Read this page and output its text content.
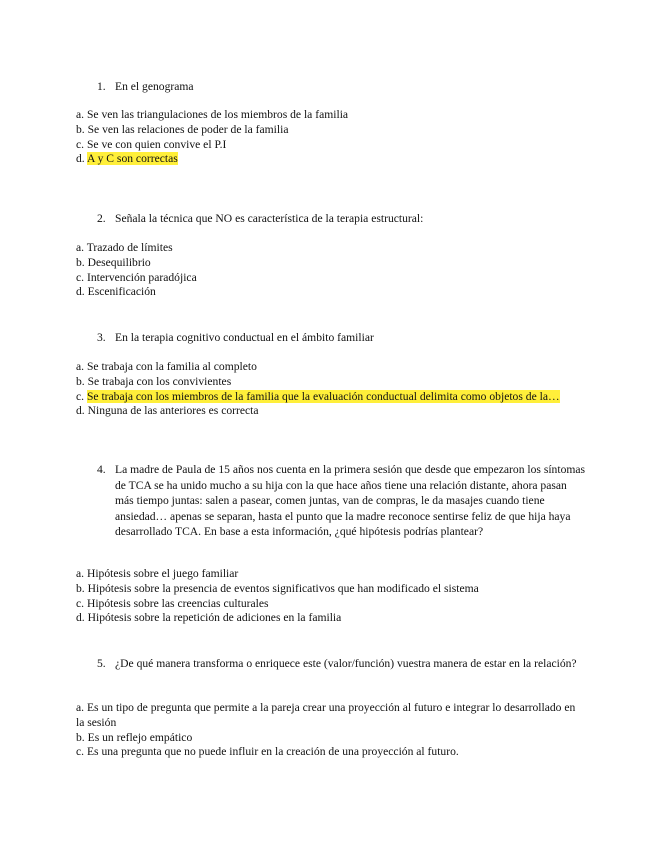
1. En el genograma
a. Se ven las triangulaciones de los miembros de la familia
b. Se ven las relaciones de poder de la familia
c. Se ve con quien convive el P.I
d. A y C son correctas
2. Señala la técnica que NO es característica de la terapia estructural:
a. Trazado de límites
b. Desequilibrio
c. Intervención paradójica
d. Escenificación
3. En la terapia cognitivo conductual en el ámbito familiar
a. Se trabaja con la familia al completo
b. Se trabaja con los convivientes
c. Se trabaja con los miembros de la familia que la evaluación conductual delimita como objetos de la…
d. Ninguna de las anteriores es correcta
4. La madre de Paula de 15 años nos cuenta en la primera sesión que desde que empezaron los síntomas de TCA se ha unido mucho a su hija con la que hace años tiene una relación distante, ahora pasan más tiempo juntas: salen a pasear, comen juntas, van de compras, le da masajes cuando tiene ansiedad… apenas se separan, hasta el punto que la madre reconoce sentirse feliz de que hija haya desarrollado TCA. En base a esta información, ¿qué hipótesis podrías plantear?
a. Hipótesis sobre el juego familiar
b. Hipótesis sobre la presencia de eventos significativos que han modificado el sistema
c. Hipótesis sobre las creencias culturales
d. Hipótesis sobre la repetición de adiciones en la familia
5. ¿De qué manera transforma o enriquece este (valor/función) vuestra manera de estar en la relación?
a. Es un tipo de pregunta que permite a la pareja crear una proyección al futuro e integrar lo desarrollado en la sesión
b. Es un reflejo empático
c. Es una pregunta que no puede influir en la creación de una proyección al futuro.
